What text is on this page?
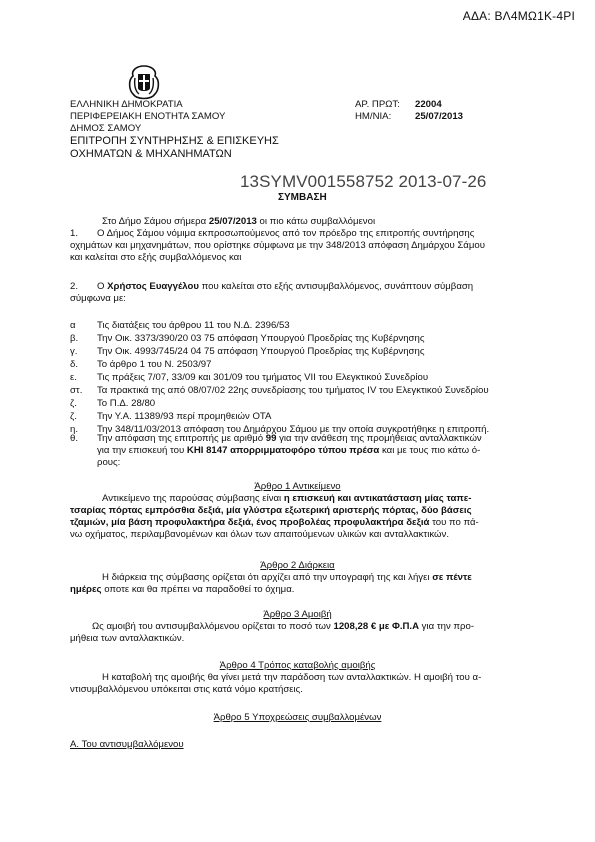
ΑΔΑ: ΒΛ4ΜΩ1Κ-4ΡΙ
ΕΛΛΗΝΙΚΗ ΔΗΜΟΚΡΑΤΙΑ
ΠΕΡΙΦΕΡΕΙΑΚΗ ΕΝΟΤΗΤΑ ΣΑΜΟΥ
ΔΗΜΟΣ ΣΑΜΟΥ
ΕΠΙΤΡΟΠΗ ΣΥΝΤΗΡΗΣΗΣ & ΕΠΙΣΚΕΥΗΣ
ΟΧΗΜΑΤΩΝ & ΜΗΧΑΝΗΜΑΤΩΝ
ΑΡ. ΠΡΩΤ: 22004
ΗΜ/ΝΙΑ: 25/07/2013
13SYMV001558752 2013-07-26
ΣΥΜΒΑΣΗ
Στο Δήμο Σάμου σήμερα 25/07/2013 οι πιο κάτω συμβαλλόμενοι
1.	Ο Δήμος Σάμου νόμιμα εκπροσωπούμενος από τον πρόεδρο της επιτροπής συντήρησης
οχημάτων και μηχανημάτων, που ορίστηκε σύμφωνα με την 348/2013 απόφαση Δημάρχου Σάμου
και καλείται στο εξής συμβαλλόμενος και
2.	Ο Χρήστος Ευαγγέλου που καλείται στο εξής αντισυμβαλλόμενος, συνάπτουν σύμβαση
σύμφωνα με:
α Τις διατάξεις του άρθρου 11 του Ν.Δ. 2396/53
β. Την Οικ. 3373/390/20 03 75 απόφαση Υπουργού Προεδρίας της Κυβέρνησης
γ. Την Οικ. 4993/745/24 04 75 απόφαση Υπουργού Προεδρίας της Κυβέρνησης
δ. Το άρθρο 1 του Ν. 2503/97
ε. Τις πράξεις 7/07, 33/09 και 301/09 του τμήματος VII του Ελεγκτικού Συνεδρίου
στ. Τα πρακτικά της από 08/07/02 22ης συνεδρίασης του τμήματος IV του Ελεγκτικού Συνεδρίου
ζ. Το Π.Δ. 28/80
ζ. Την Υ.Α. 11389/93 περί προμηθειών ΟΤΑ
η. Την 348/11/03/2013 απόφαση του Δημάρχου Σάμου με την οποία συγκροτήθηκε η επιτροπή.
θ.	Την απόφαση της επιτροπής με αριθμό 99 για την ανάθεση της προμήθειας ανταλλακτικών
για την επισκευή του ΚΗΙ 8147 απορριμματοφόρο τύπου πρέσα και με τους πιο κάτω ό-
ρους:
Άρθρο 1 Αντικείμενο
Αντικείμενο της παρούσας σύμβασης είναι η επισκευή και αντικατάσταση μίας ταπε-
τσαρίας πόρτας εμπρόσθια δεξιά, μία γλύστρα εξωτερική αριστερής πόρτας, δύο βάσεις
τζαμιών, μία βάση προφυλακτήρα δεξιά, ένος προβολέας προφυλακτήρα δεξιά του πο πά-
νω οχήματος, περιλαμβανομένων και όλων των απαιτούμενων υλικών και ανταλλακτικών.
Άρθρο 2 Διάρκεια
Η διάρκεια της σύμβασης ορίζεται ότι αρχίζει από την υπογραφή της και λήγει σε πέντε
ημέρες οποτε και θα πρέπει να παραδοθεί το όχημα.
Άρθρο 3 Αμοιβή
Ως αμοιβή του αντισυμβαλλόμενου ορίζεται το ποσό των 1208,28 € με Φ.Π.Α για την προ-
μήθεια των ανταλλακτικών.
Άρθρο 4 Τρόπος καταβολής αμοιβής
Η καταβολή της αμοιβής θα γίνει μετά την παράδοση των ανταλλακτικών. Η αμοιβή του α-
ντισυμβαλλόμενου υπόκειται στις κατά νόμο κρατήσεις.
Άρθρο 5 Υποχρεώσεις συμβαλλομένων
Α. Του αντισυμβαλλόμενου
